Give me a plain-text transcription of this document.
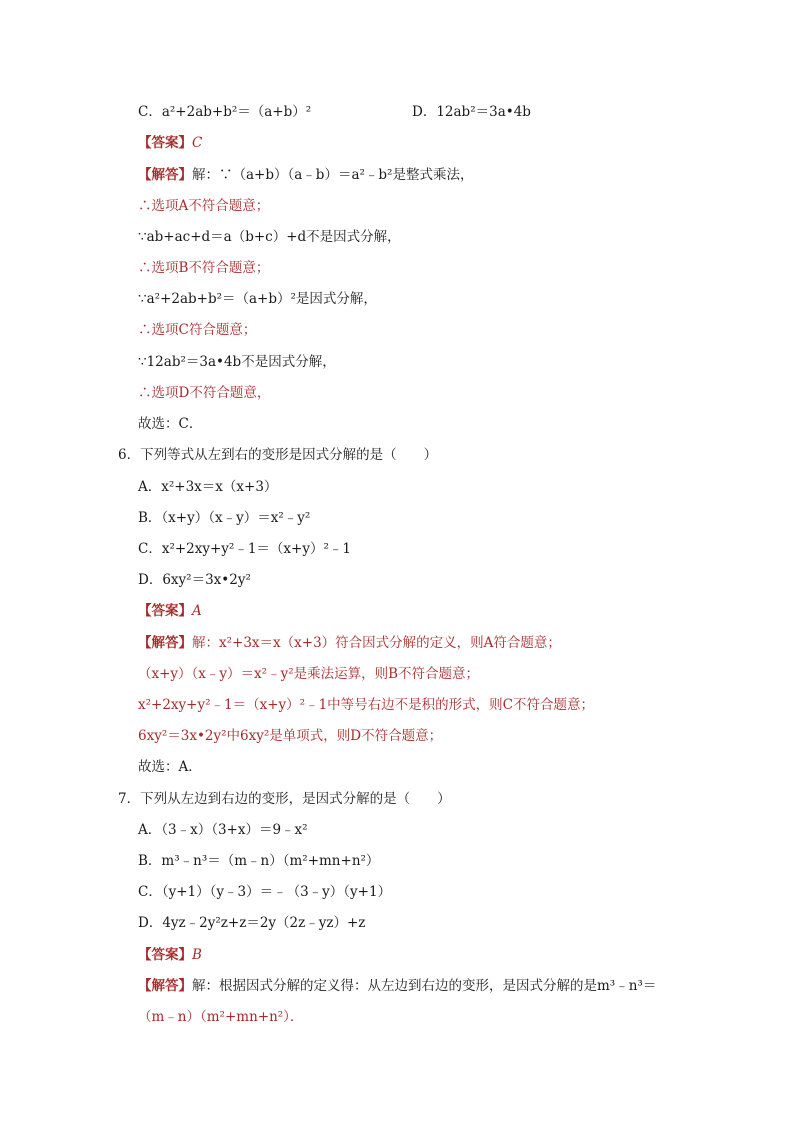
C．a²+2ab+b²＝（a+b）²	D．12ab²＝3a•4b
【答案】C
【解答】解：∵（a+b）（a﹣b）＝a²﹣b²是整式乘法，
∴选项A不符合题意；
∵ab+ac+d＝a（b+c）+d不是因式分解，
∴选项B不符合题意；
∵a²+2ab+b²＝（a+b）²是因式分解，
∴选项C符合题意；
∵12ab²＝3a•4b不是因式分解，
∴选项D不符合题意，
故选：C．
6．下列等式从左到右的变形是因式分解的是（　　）
A．x²+3x＝x（x+3）
B．（x+y）（x﹣y）＝x²﹣y²
C．x²+2xy+y²﹣1＝（x+y）²﹣1
D．6xy²＝3x•2y²
【答案】A
【解答】解：x²+3x＝x（x+3）符合因式分解的定义，则A符合题意；
（x+y）（x﹣y）＝x²﹣y²是乘法运算，则B不符合题意；
x²+2xy+y²﹣1＝（x+y）²﹣1中等号右边不是积的形式，则C不符合题意；
6xy²＝3x•2y²中6xy²是单项式，则D不符合题意；
故选：A．
7．下列从左边到右边的变形，是因式分解的是（　　）
A．（3﹣x）（3+x）＝9﹣x²
B．m³﹣n³＝（m﹣n）（m²+mn+n²）
C．（y+1）（y﹣3）＝﹣（3﹣y）（y+1）
D．4yz﹣2y²z+z＝2y（2z﹣yz）+z
【答案】B
【解答】解：根据因式分解的定义得：从左边到右边的变形，是因式分解的是m³﹣n³＝
（m﹣n）（m²+mn+n²）．
